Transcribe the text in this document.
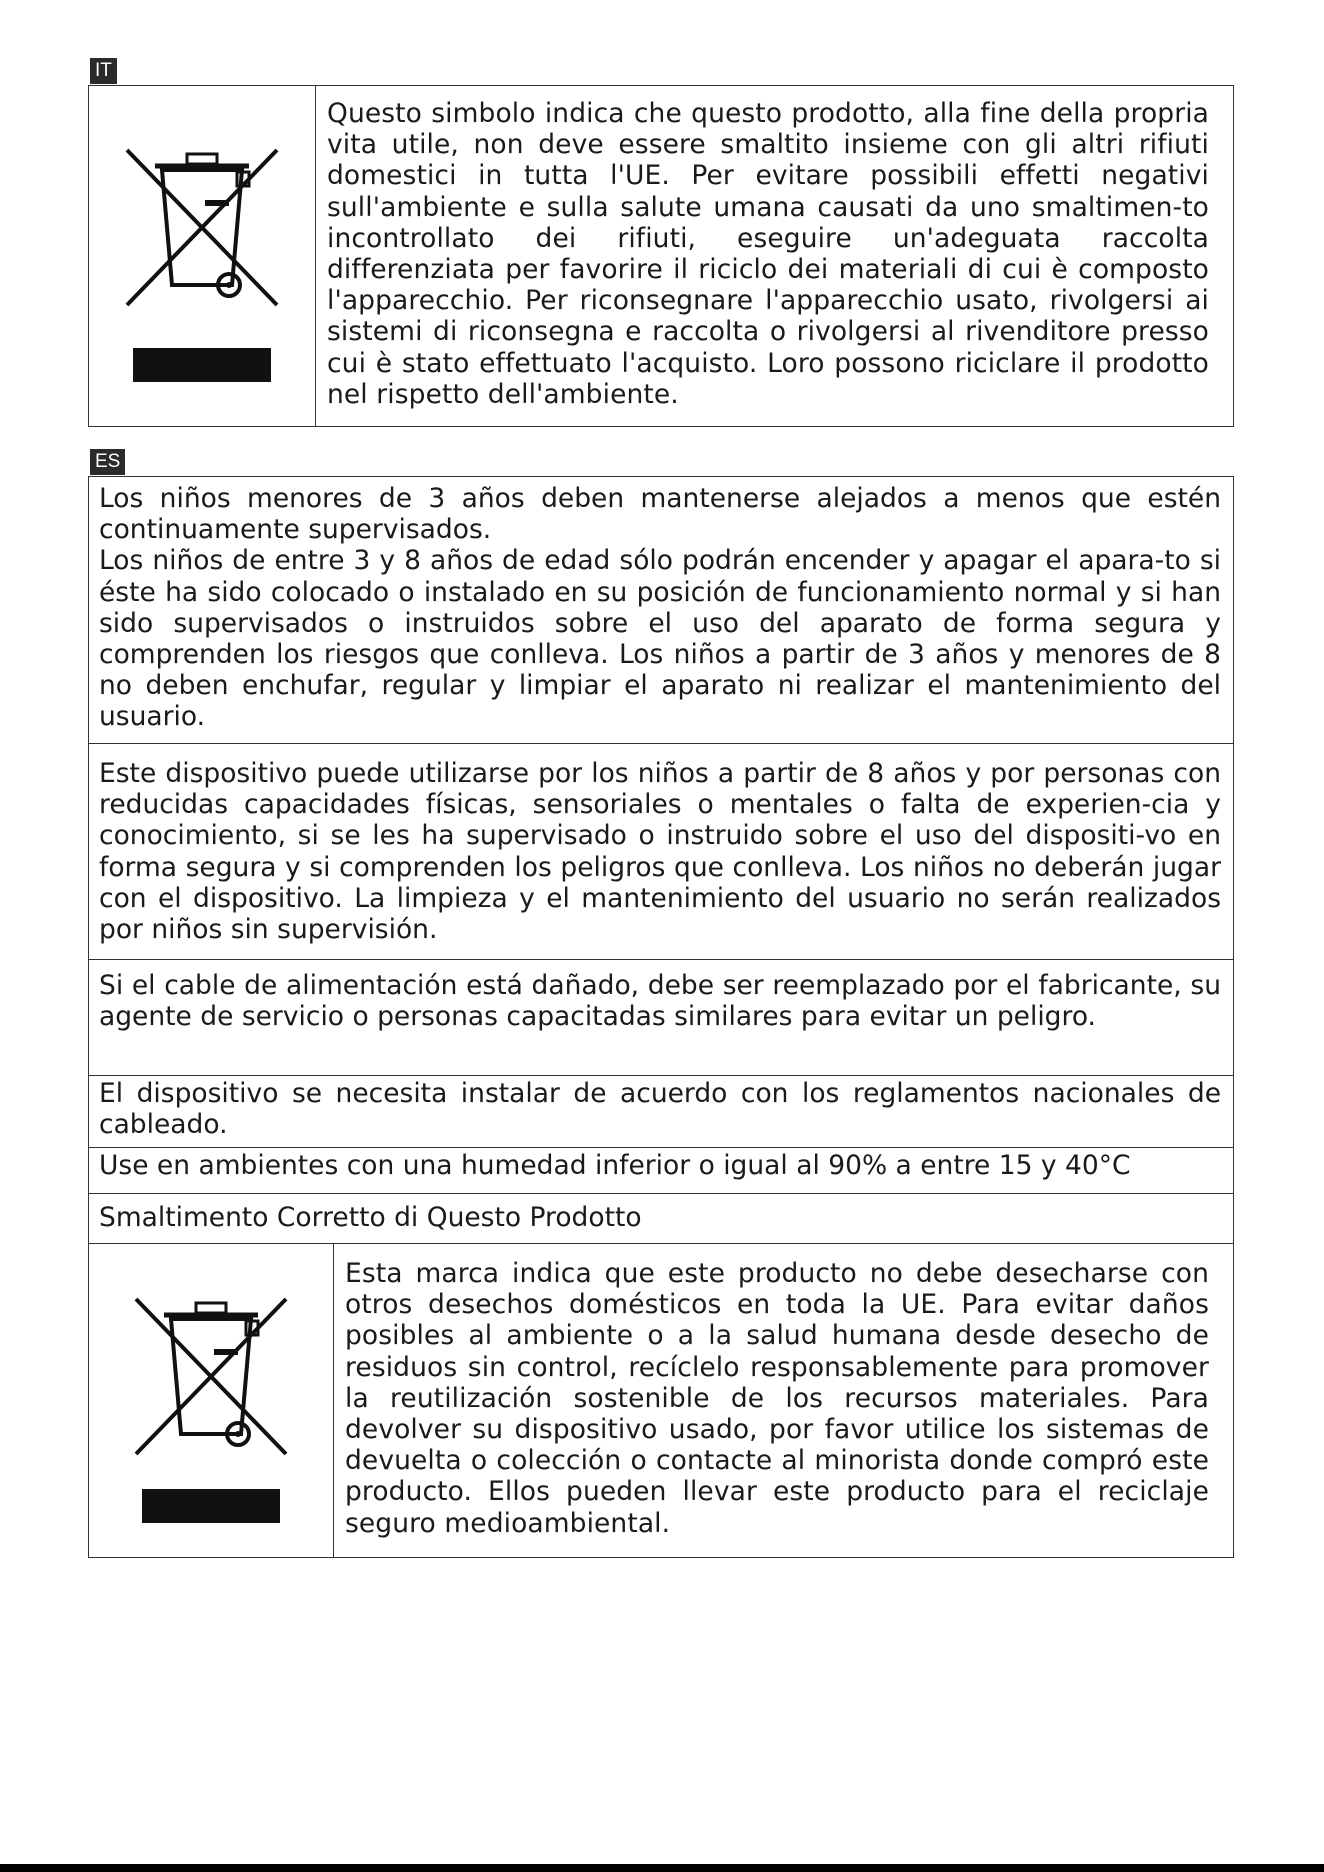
IT
Questo simbolo indica che questo prodotto, alla fine della propria vita utile, non deve essere smaltito insieme con gli altri rifiuti domestici in tutta l'UE. Per evitare possibili effetti negativi sull'ambiente e sulla salute umana causati da uno smaltimen-to incontrollato dei rifiuti, eseguire un'adeguata raccolta differenziata per favorire il riciclo dei materiali di cui è composto l'apparecchio. Per riconsegnare l'apparecchio usato, rivolgersi ai sistemi di riconsegna e raccolta o rivolgersi al rivenditore presso cui è stato effettuato l'acquisto. Loro possono riciclare il prodotto nel rispetto dell'ambiente.
ES
Los niños menores de 3 años deben mantenerse alejados a menos que estén continuamente supervisados.
Los niños de entre 3 y 8 años de edad sólo podrán encender y apagar el apara-to si éste ha sido colocado o instalado en su posición de funcionamiento normal y si han sido supervisados o instruidos sobre el uso del aparato de forma segura y comprenden los riesgos que conlleva. Los niños a partir de 3 años y menores de 8 no deben enchufar, regular y limpiar el aparato ni realizar el mantenimiento del usuario.
Este dispositivo puede utilizarse por los niños a partir de 8 años y por personas con reducidas capacidades físicas, sensoriales o mentales o falta de experien-cia y conocimiento, si se les ha supervisado o instruido sobre el uso del dispositi-vo en forma segura y si comprenden los peligros que conlleva. Los niños no deberán jugar con el dispositivo. La limpieza y el mantenimiento del usuario no serán realizados por niños sin supervisión.
Si el cable de alimentación está dañado, debe ser reemplazado por el fabricante, su agente de servicio o personas capacitadas similares para evitar un peligro.
El dispositivo se necesita instalar de acuerdo con los reglamentos nacionales de cableado.
Use en ambientes con una humedad inferior o igual al 90% a entre 15 y 40°C
Smaltimento Corretto di Questo Prodotto
Esta marca indica que este producto no debe desecharse con otros desechos domésticos en toda la UE. Para evitar daños posibles al ambiente o a la salud humana desde desecho de residuos sin control, recíclelo responsablemente para promover la reutilización sostenible de los recursos materiales. Para devolver su dispositivo usado, por favor utilice los sistemas de devuelta o colección o contacte al minorista donde compró este producto. Ellos pueden llevar este producto para el reciclaje seguro medioambiental.
